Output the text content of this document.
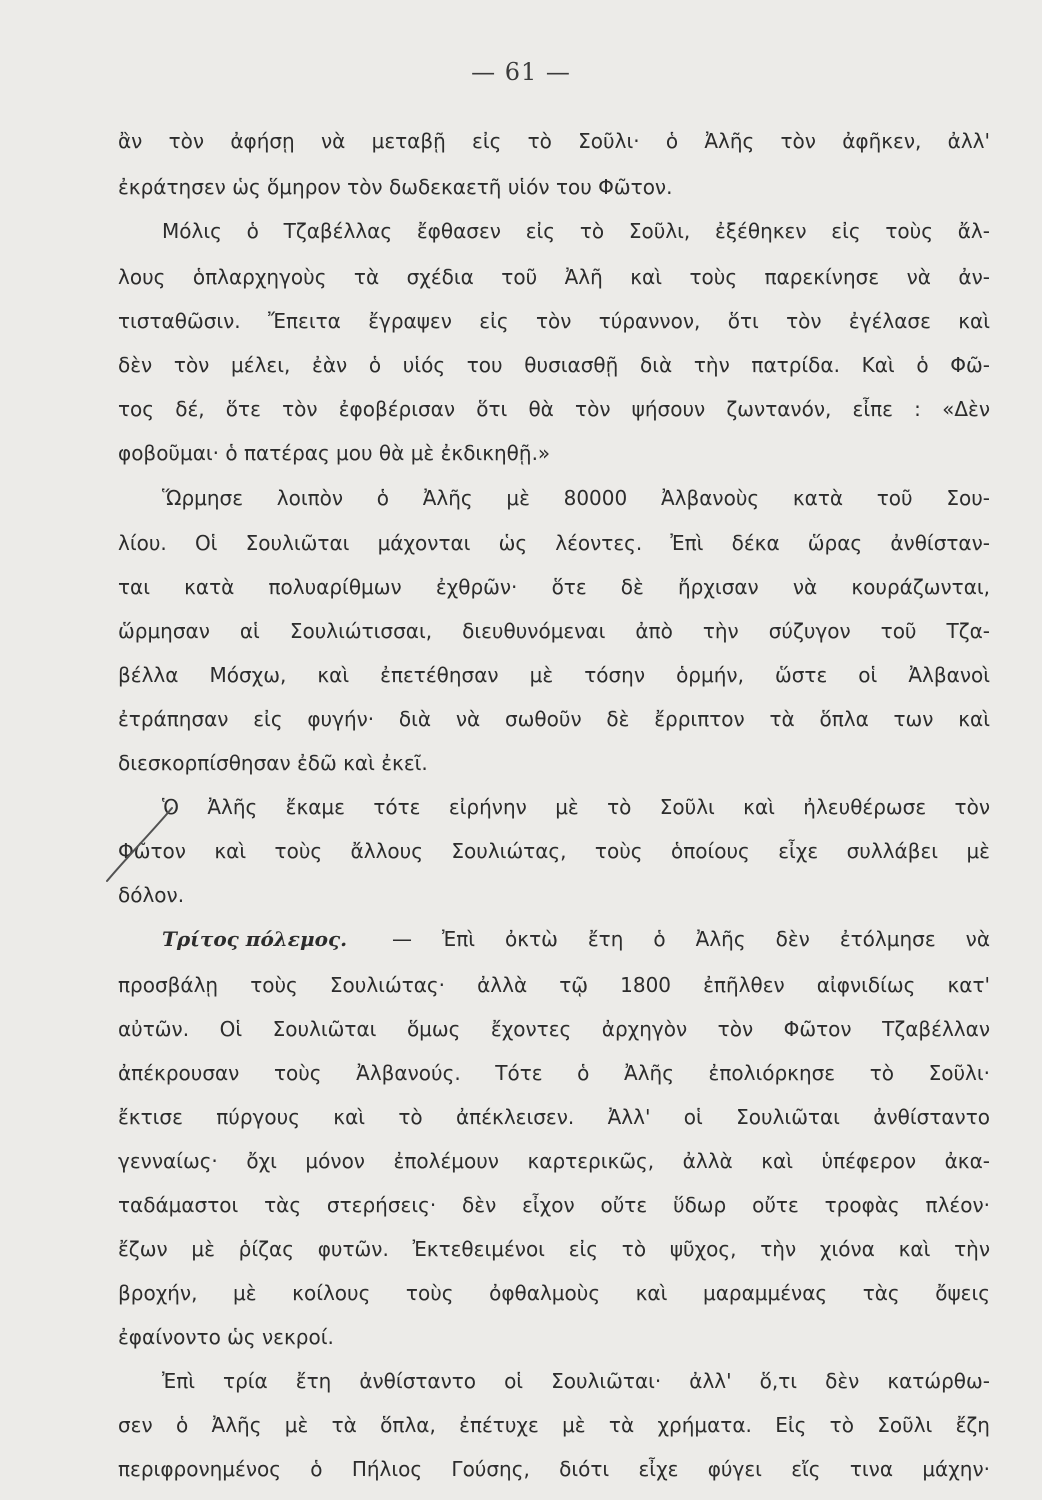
— 61 —
ἂν τὸν ἀφήσῃ νὰ μεταβῇ εἰς τὸ Σοῦλι· ὁ Ἀλῆς τὸν ἀφῆκεν, ἀλλ'
ἐκράτησεν ὡς ὅμηρον τὸν δωδεκαετῆ υἱόν του Φῶτον.
Μόλις ὁ Τζαβέλλας ἔφθασεν εἰς τὸ Σοῦλι, ἐξέθηκεν εἰς τοὺς ἄλ-
λους ὁπλαρχηγοὺς τὰ σχέδια τοῦ Ἀλῆ καὶ τοὺς παρεκίνησε νὰ ἀν-
τισταθῶσιν. Ἔπειτα ἔγραψεν εἰς τὸν τύραννον, ὅτι τὸν ἐγέλασε καὶ
δὲν τὸν μέλει, ἐὰν ὁ υἱός του θυσιασθῇ διὰ τὴν πατρίδα. Καὶ ὁ Φῶ-
τος δέ, ὅτε τὸν ἐφοβέρισαν ὅτι θὰ τὸν ψήσουν ζωντανόν, εἶπε : «Δὲν
φοβοῦμαι· ὁ πατέρας μου θὰ μὲ ἐκδικηθῇ.»
Ὥρμησε λοιπὸν ὁ Ἀλῆς μὲ 80000 Ἀλβανοὺς κατὰ τοῦ Σου-
λίου. Οἱ Σουλιῶται μάχονται ὡς λέοντες. Ἐπὶ δέκα ὥρας ἀνθίσταν-
ται κατὰ πολυαρίθμων ἐχθρῶν· ὅτε δὲ ἤρχισαν νὰ κουράζωνται,
ὥρμησαν αἱ Σουλιώτισσαι, διευθυνόμεναι ἀπὸ τὴν σύζυγον τοῦ Τζα-
βέλλα Μόσχω, καὶ ἐπετέθησαν μὲ τόσην ὁρμήν, ὥστε οἱ Ἀλβανοὶ
ἐτράπησαν εἰς φυγήν· διὰ νὰ σωθοῦν δὲ ἔρριπτον τὰ ὅπλα των καὶ
διεσκορπίσθησαν ἐδῶ καὶ ἐκεῖ.
Ὁ Ἀλῆς ἔκαμε τότε εἰρήνην μὲ τὸ Σοῦλι καὶ ἠλευθέρωσε τὸν
Φῶτον καὶ τοὺς ἄλλους Σουλιώτας, τοὺς ὁποίους εἶχε συλλάβει μὲ
δόλον.
Τρίτος πόλεμος. — Ἐπὶ ὀκτὼ ἔτη ὁ Ἀλῆς δὲν ἐτόλμησε νὰ
προσβάλῃ τοὺς Σουλιώτας· ἀλλὰ τῷ 1800 ἐπῆλθεν αἰφνιδίως κατ'
αὐτῶν. Οἱ Σουλιῶται ὅμως ἔχοντες ἀρχηγὸν τὸν Φῶτον Τζαβέλλαν
ἀπέκρουσαν τοὺς Ἀλβανούς. Τότε ὁ Ἀλῆς ἐπολιόρκησε τὸ Σοῦλι·
ἔκτισε πύργους καὶ τὸ ἀπέκλεισεν. Ἀλλ' οἱ Σουλιῶται ἀνθίσταντο
γενναίως· ὄχι μόνον ἐπολέμουν καρτερικῶς, ἀλλὰ καὶ ὑπέφερον ἀκα-
ταδάμαστοι τὰς στερήσεις· δὲν εἶχον οὔτε ὕδωρ οὔτε τροφὰς πλέον·
ἔζων μὲ ῥίζας φυτῶν. Ἐκτεθειμένοι εἰς τὸ ψῦχος, τὴν χιόνα καὶ τὴν
βροχήν, μὲ κοίλους τοὺς ὀφθαλμοὺς καὶ μαραμμένας τὰς ὄψεις
ἐφαίνοντο ὡς νεκροί.
Ἐπὶ τρία ἔτη ἀνθίσταντο οἱ Σουλιῶται· ἀλλ' ὅ,τι δὲν κατώρθω-
σεν ὁ Ἀλῆς μὲ τὰ ὅπλα, ἐπέτυχε μὲ τὰ χρήματα. Εἰς τὸ Σοῦλι ἔζη
περιφρονημένος ὁ Πήλιος Γούσης, διότι εἶχε φύγει εἴς τινα μάχην·
